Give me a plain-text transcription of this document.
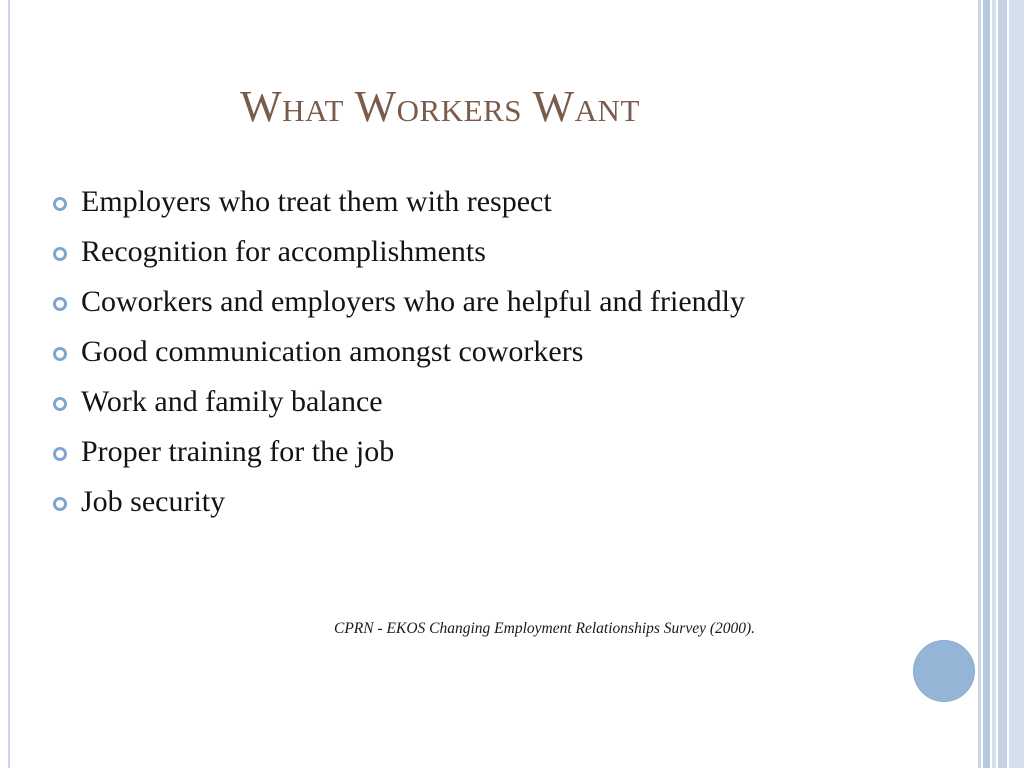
What Workers Want
Employers who treat them with respect
Recognition for accomplishments
Coworkers and employers who are helpful and friendly
Good communication amongst coworkers
Work and family balance
Proper training for the job
Job security
CPRN - EKOS Changing Employment Relationships Survey (2000).
